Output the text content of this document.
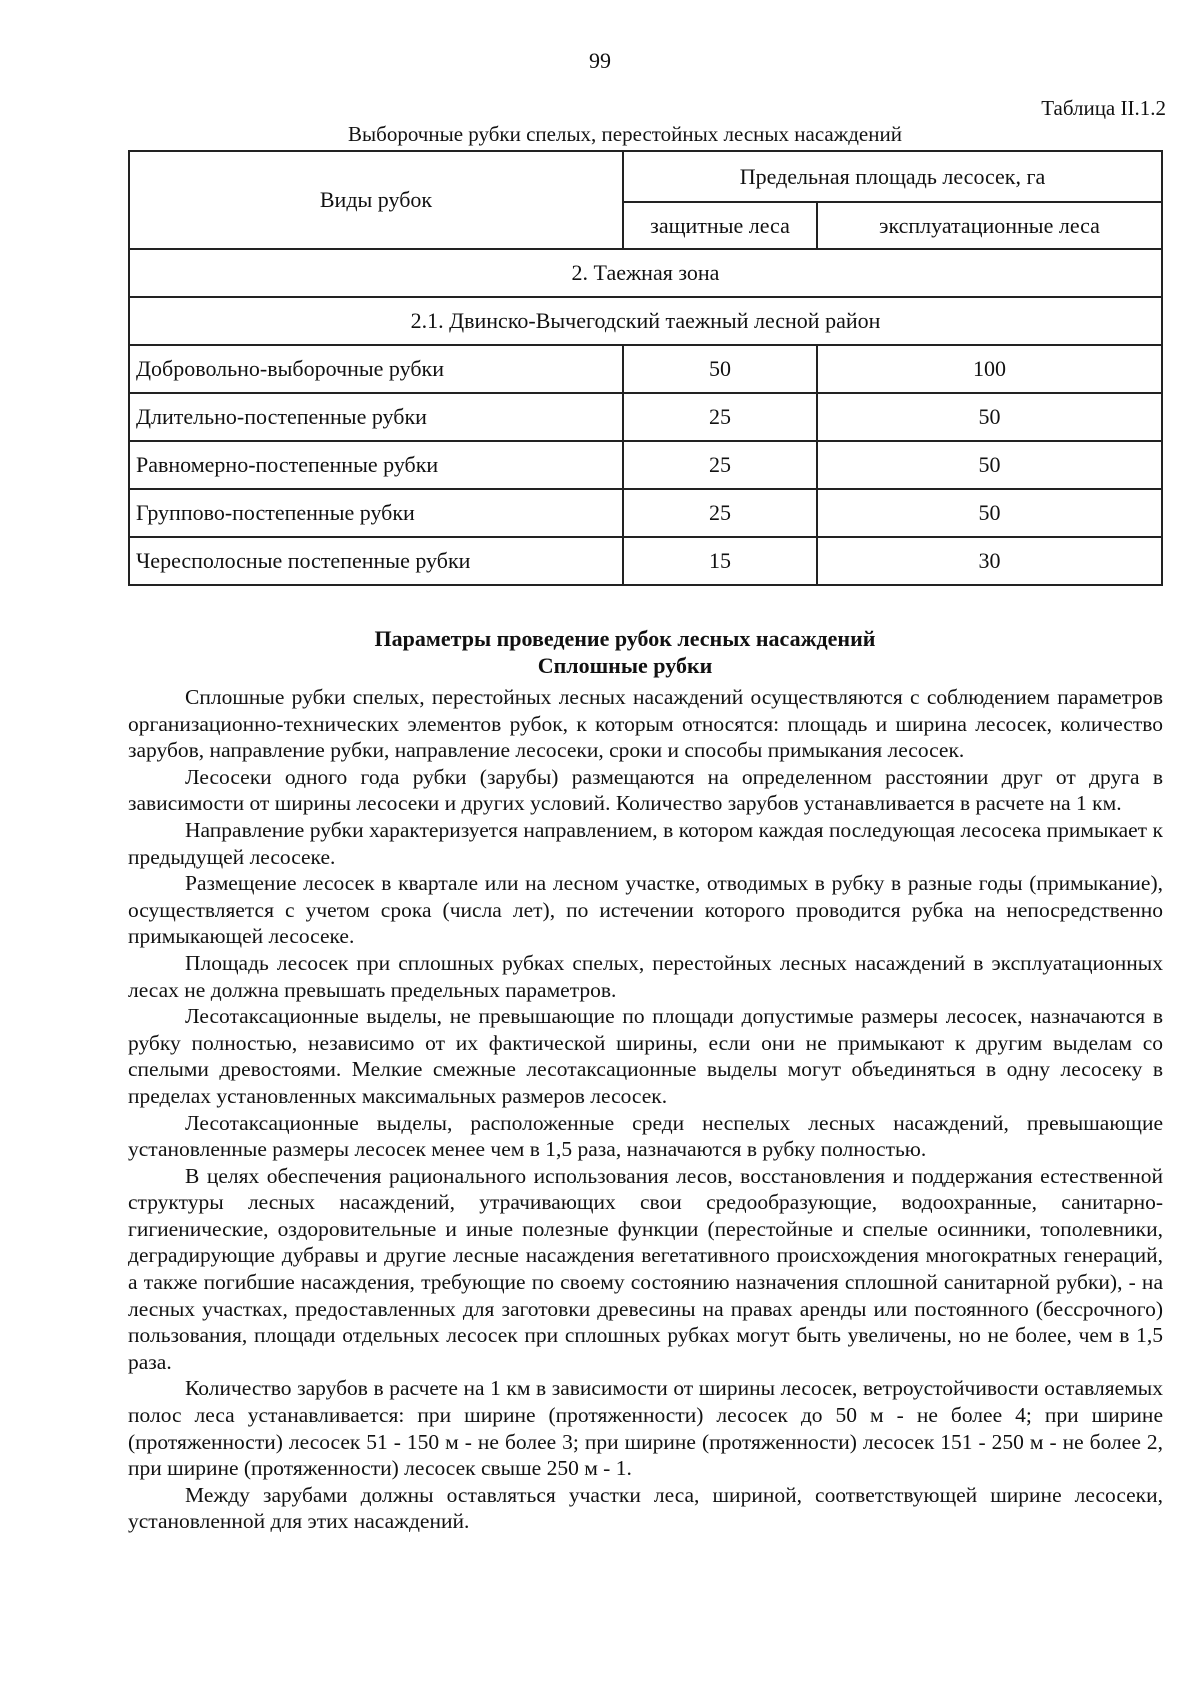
99
Таблица II.1.2
Выборочные рубки спелых, перестойных лесных насаждений
Виды рубок	Предельная площадь лесосек, га	
	защитные леса	эксплуатационные леса
2. Таежная зона		
2.1. Двинско-Вычегодский таежный лесной район		
Добровольно-выборочные рубки	50	100
Длительно-постепенные рубки	25	50
Равномерно-постепенные рубки	25	50
Группово-постепенные рубки	25	50
Чересполосные постепенные рубки	15	30
Параметры проведение рубок лесных насаждений
Сплошные рубки

Сплошные рубки спелых, перестойных лесных насаждений осуществляются с соблюдением параметров организационно-технических элементов рубок, к которым относятся: площадь и ширина лесосек, количество зарубов, направление рубки, направление лесосеки, сроки и способы примыкания лесосек.

Лесосеки одного года рубки (зарубы) размещаются на определенном расстоянии друг от друга в зависимости от ширины лесосеки и других условий. Количество зарубов устанавливается в расчете на 1 км.

Направление рубки характеризуется направлением, в котором каждая последующая лесосека примыкает к предыдущей лесосеке.

Размещение лесосек в квартале или на лесном участке, отводимых в рубку в разные годы (примыкание), осуществляется с учетом срока (числа лет), по истечении которого проводится рубка на непосредственно примыкающей лесосеке.

Площадь лесосек при сплошных рубках спелых, перестойных лесных насаждений в эксплуатационных лесах не должна превышать предельных параметров.

Лесотаксационные выделы, не превышающие по площади допустимые размеры лесосек, назначаются в рубку полностью, независимо от их фактической ширины, если они не примыкают к другим выделам со спелыми древостоями. Мелкие смежные лесотаксационные выделы могут объединяться в одну лесосеку в пределах установленных максимальных размеров лесосек.

Лесотаксационные выделы, расположенные среди неспелых лесных насаждений, превышающие установленные размеры лесосек менее чем в 1,5 раза, назначаются в рубку полностью.

В целях обеспечения рационального использования лесов, восстановления и поддержания естественной структуры лесных насаждений, утрачивающих свои средообразующие, водоохранные, санитарно-гигиенические, оздоровительные и иные полезные функции (перестойные и спелые осинники, тополевники, деградирующие дубравы и другие лесные насаждения вегетативного происхождения многократных генераций, а также погибшие насаждения, требующие по своему состоянию назначения сплошной санитарной рубки), - на лесных участках, предоставленных для заготовки древесины на правах аренды или постоянного (бессрочного) пользования, площади отдельных лесосек при сплошных рубках могут быть увеличены, но не более, чем в 1,5 раза.

Количество зарубов в расчете на 1 км в зависимости от ширины лесосек, ветроустойчивости оставляемых полос леса устанавливается: при ширине (протяженности) лесосек до 50 м - не более 4; при ширине (протяженности) лесосек 51 - 150 м - не более 3; при ширине (протяженности) лесосек 151 - 250 м - не более 2, при ширине (протяженности) лесосек свыше 250 м - 1.

Между зарубами должны оставляться участки леса, шириной, соответствующей ширине лесосеки, установленной для этих насаждений.
